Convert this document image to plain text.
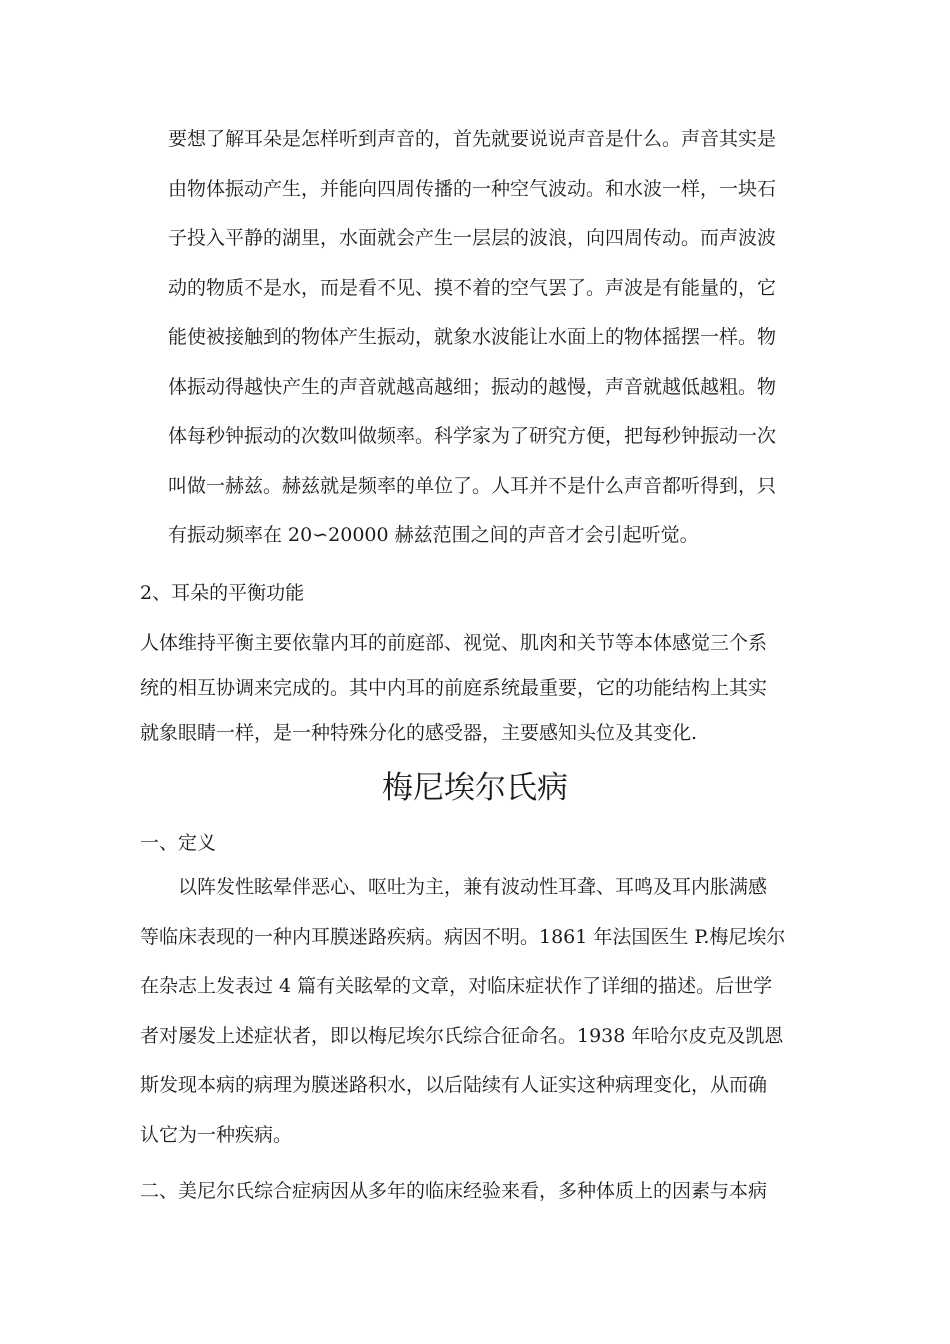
要想了解耳朵是怎样听到声音的，首先就要说说声音是什么。声音其实是
由物体振动产生，并能向四周传播的一种空气波动。和水波一样，一块石
子投入平静的湖里，水面就会产生一层层的波浪，向四周传动。而声波波
动的物质不是水，而是看不见、摸不着的空气罢了。声波是有能量的，它
能使被接触到的物体产生振动，就象水波能让水面上的物体摇摆一样。物
体振动得越快产生的声音就越高越细；振动的越慢，声音就越低越粗。物
体每秒钟振动的次数叫做频率。科学家为了研究方便，把每秒钟振动一次
叫做一赫兹。赫兹就是频率的单位了。人耳并不是什么声音都听得到，只
有振动频率在 20∽20000 赫兹范围之间的声音才会引起听觉。
2、耳朵的平衡功能
人体维持平衡主要依靠内耳的前庭部、视觉、肌肉和关节等本体感觉三个系
统的相互协调来完成的。其中内耳的前庭系统最重要，它的功能结构上其实
就象眼睛一样，是一种特殊分化的感受器，主要感知头位及其变化.
梅尼埃尔氏病
一、定义
以阵发性眩晕伴恶心、呕吐为主，兼有波动性耳聋、耳鸣及耳内胀满感
等临床表现的一种内耳膜迷路疾病。病因不明。1861 年法国医生 P.梅尼埃尔
在杂志上发表过 4 篇有关眩晕的文章，对临床症状作了详细的描述。后世学
者对屡发上述症状者，即以梅尼埃尔氏综合征命名。1938 年哈尔皮克及凯恩
斯发现本病的病理为膜迷路积水，以后陆续有人证实这种病理变化，从而确
认它为一种疾病。
二、美尼尔氏综合症病因从多年的临床经验来看，多种体质上的因素与本病
